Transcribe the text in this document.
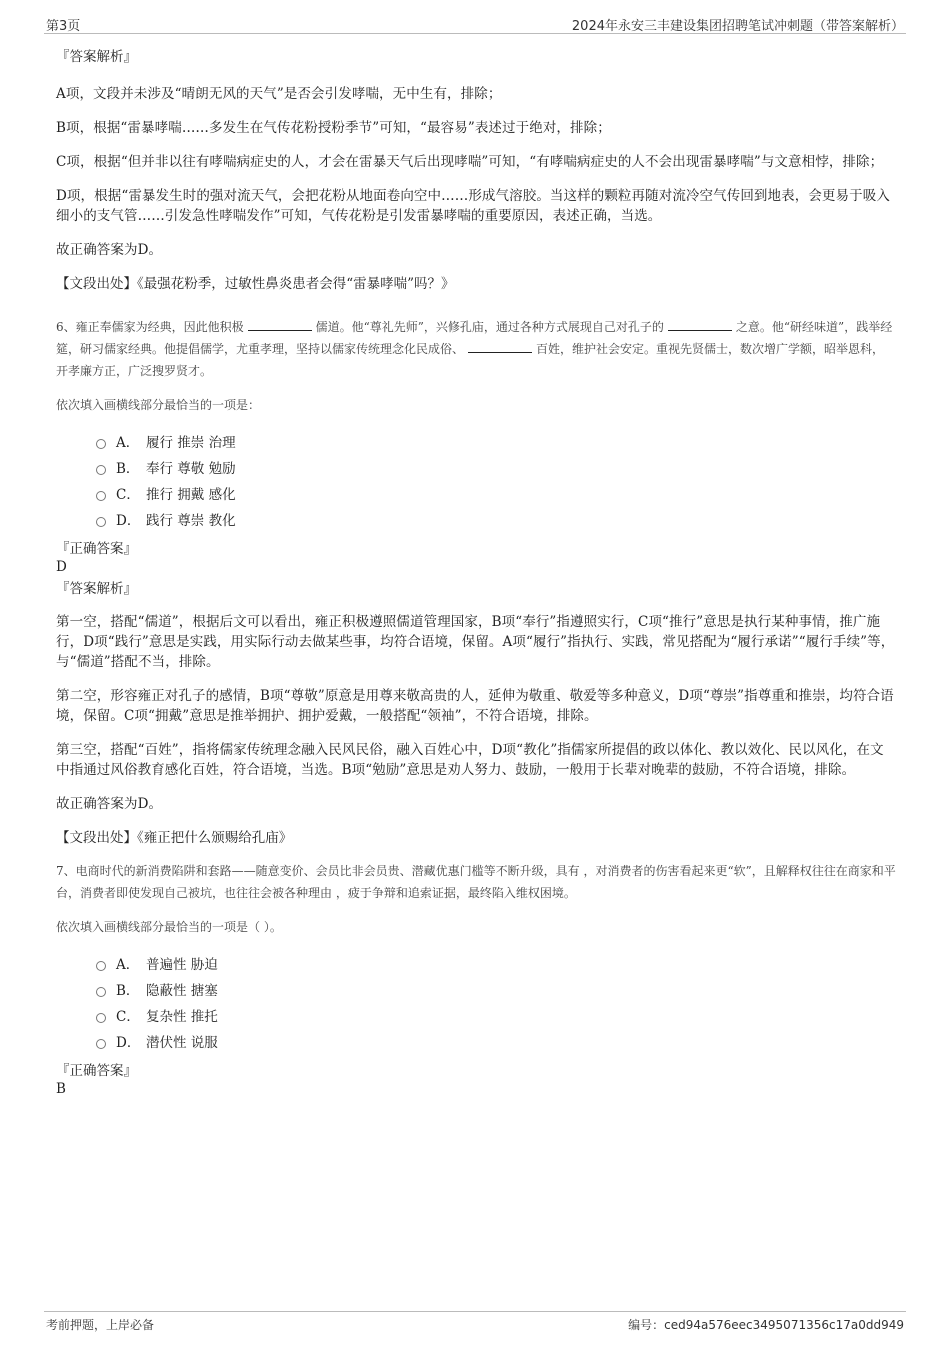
第3页	2024年永安三丰建设集团招聘笔试冲刺题（带答案解析）
『答案解析』

A项，文段并未涉及“晴朗无风的天气”是否会引发哮喘，无中生有，排除；

B项，根据“雷暴哮喘……多发生在气传花粉授粉季节”可知，“最容易”表述过于绝对，排除；

C项，根据“但并非以往有哮喘病症史的人，才会在雷暴天气后出现哮喘”可知，“有哮喘病症史的人不会出现雷暴哮喘”与文意相悖，排除；

D项，根据“雷暴发生时的强对流天气，会把花粉从地面卷向空中……形成气溶胶。当这样的颗粒再随对流冷空气传回到地表，会更易于吸入细小的支气管……引发急性哮喘发作”可知，气传花粉是引发雷暴哮喘的重要原因，表述正确，当选。

故正确答案为D。

【文段出处】《最强花粉季，过敏性鼻炎患者会得“雷暴哮喘”吗？》

6、雍正奉儒家为经典，因此他积极	儒道。他“尊礼先师”，兴修孔庙，通过各种方式展现自己对孔子的	之意。他“研经味道”，践举经筵，研习儒家经典。他提倡儒学，尤重孝理，坚持以儒家传统理念化民成俗、	百姓，维护社会安定。重视先贤儒士，数次增广学额，昭举恩科，开孝廉方正，广泛搜罗贤才。

依次填入画横线部分最恰当的一项是：

A． 履行 推崇 治理
B． 奉行 尊敬 勉励
C． 推行 拥戴 感化
D． 践行 尊崇 教化
『正确答案』
D
『答案解析』

第一空，搭配“儒道”，根据后文可以看出，雍正积极遵照儒道管理国家，B项“奉行”指遵照实行，C项“推行”意思是执行某种事情，推广施行，D项“践行”意思是实践，用实际行动去做某些事，均符合语境，保留。A项“履行”指执行、实践，常见搭配为“履行承诺”“履行手续”等，与“儒道”搭配不当，排除。

第二空，形容雍正对孔子的感情，B项“尊敬”原意是用尊来敬高贵的人，延伸为敬重、敬爱等多种意义，D项“尊崇”指尊重和推崇，均符合语境，保留。C项“拥戴”意思是推举拥护、拥护爱戴，一般搭配“领袖”，不符合语境，排除。

第三空，搭配“百姓”，指将儒家传统理念融入民风民俗，融入百姓心中，D项“教化”指儒家所提倡的政以体化、教以效化、民以风化，在文中指通过风俗教育感化百姓，符合语境，当选。B项“勉励”意思是劝人努力、鼓励，一般用于长辈对晚辈的鼓励，不符合语境，排除。

故正确答案为D。

【文段出处】《雍正把什么颁赐给孔庙》

7、电商时代的新消费陷阱和套路——随意变价、会员比非会员贵、潜藏优惠门槛等不断升级，具有 ，对消费者的伤害看起来更“软”，且解释权往往在商家和平台，消费者即使发现自己被坑，也往往会被各种理由 ，疲于争辩和追索证据，最终陷入维权困境。

依次填入画横线部分最恰当的一项是（ ）。

A． 普遍性 胁迫
B． 隐蔽性 搪塞
C． 复杂性 推托
D． 潜伏性 说服
『正确答案』
B
考前押题，上岸必备	编号：ced94a576eec3495071356c17a0dd949
